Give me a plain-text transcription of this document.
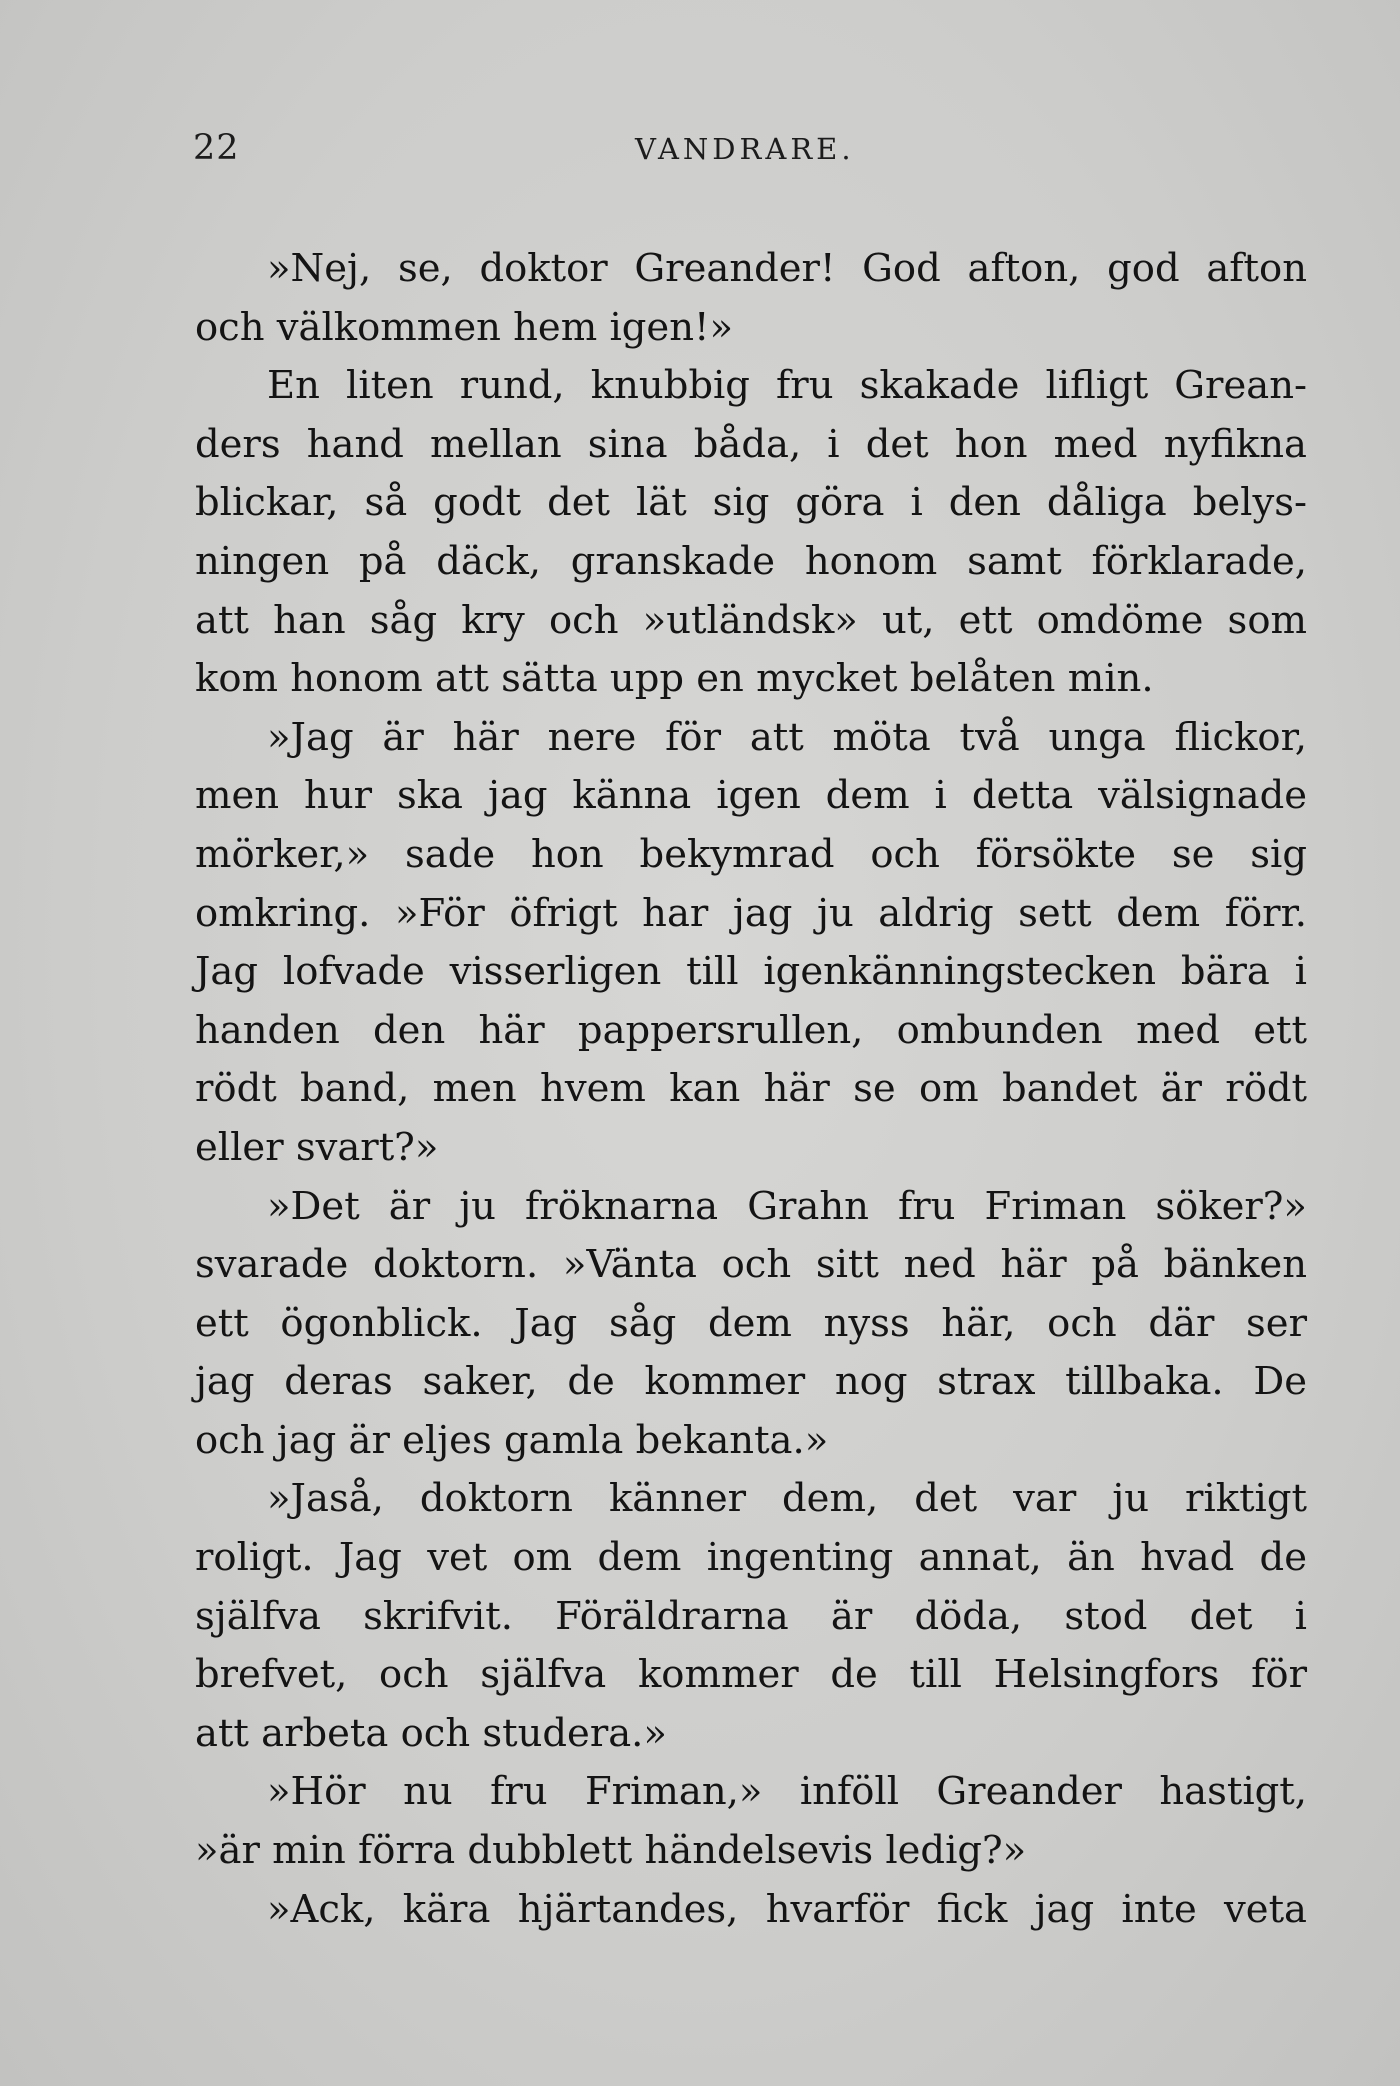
22	VANDRARE.
»Nej, se, doktor Greander! God afton, god afton
och välkommen hem igen!»
En liten rund, knubbig fru skakade lifligt Grean-
ders hand mellan sina båda, i det hon med nyfikna
blickar, så godt det lät sig göra i den dåliga belys-
ningen på däck, granskade honom samt förklarade,
att han såg kry och »utländsk» ut, ett omdöme som
kom honom att sätta upp en mycket belåten min.
»Jag är här nere för att möta två unga flickor,
men hur ska jag känna igen dem i detta välsignade
mörker,» sade hon bekymrad och försökte se sig
omkring. »För öfrigt har jag ju aldrig sett dem förr.
Jag lofvade visserligen till igenkänningstecken bära i
handen den här pappersrullen, ombunden med ett
rödt band, men hvem kan här se om bandet är rödt
eller svart?»
»Det är ju fröknarna Grahn fru Friman söker?»
svarade doktorn. »Vänta och sitt ned här på bänken
ett ögonblick. Jag såg dem nyss här, och där ser
jag deras saker, de kommer nog strax tillbaka. De
och jag är eljes gamla bekanta.»
»Jaså, doktorn känner dem, det var ju riktigt
roligt. Jag vet om dem ingenting annat, än hvad de
själfva skrifvit. Föräldrarna är döda, stod det i
brefvet, och själfva kommer de till Helsingfors för
att arbeta och studera.»
»Hör nu fru Friman,» inföll Greander hastigt,
»är min förra dubblett händelsevis ledig?»
»Ack, kära hjärtandes, hvarför fick jag inte veta
